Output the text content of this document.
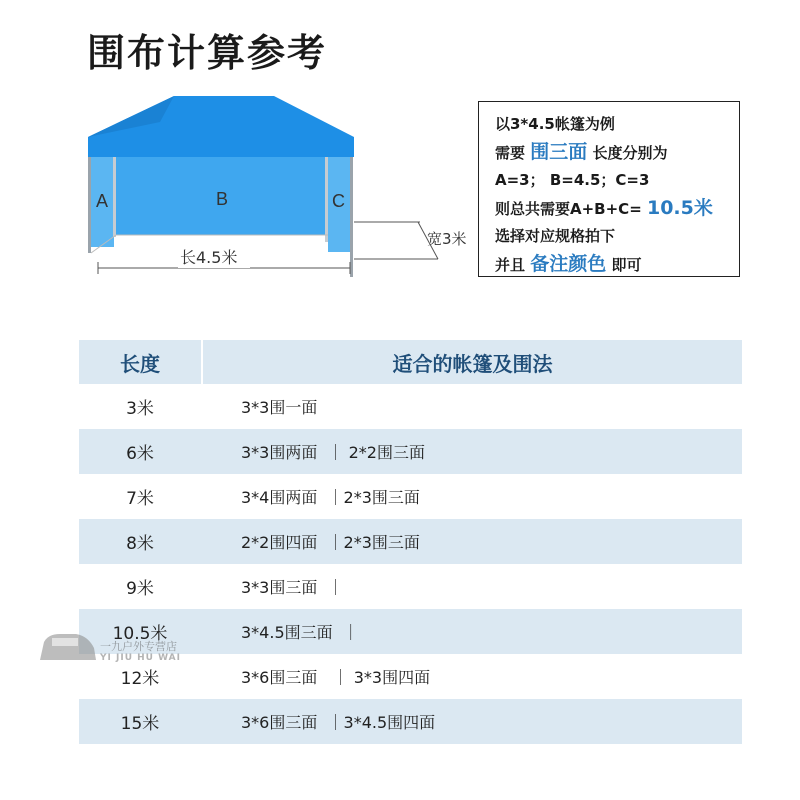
围布计算参考
A	B	C
长4.5米
宽3米
以3*4.5帐篷为例
需要 围三面 长度分别为
A=3； B=4.5；C=3
则总共需要A+B+C= 10.5米
选择对应规格拍下
并且 备注颜色 即可
长度	适合的帐篷及围法
3米	3*3围一面
6米	3*3围两面  ｜ 2*2围三面
7米	3*4围两面  ｜2*3围三面
8米	2*2围四面  ｜2*3围三面
9米	3*3围三面  ｜
10.5米	3*4.5围三面  ｜
12米	3*6围三面   ｜ 3*3围四面
15米	3*6围三面  ｜3*4.5围四面
一九户外专营店
YI JIU HU WAI
